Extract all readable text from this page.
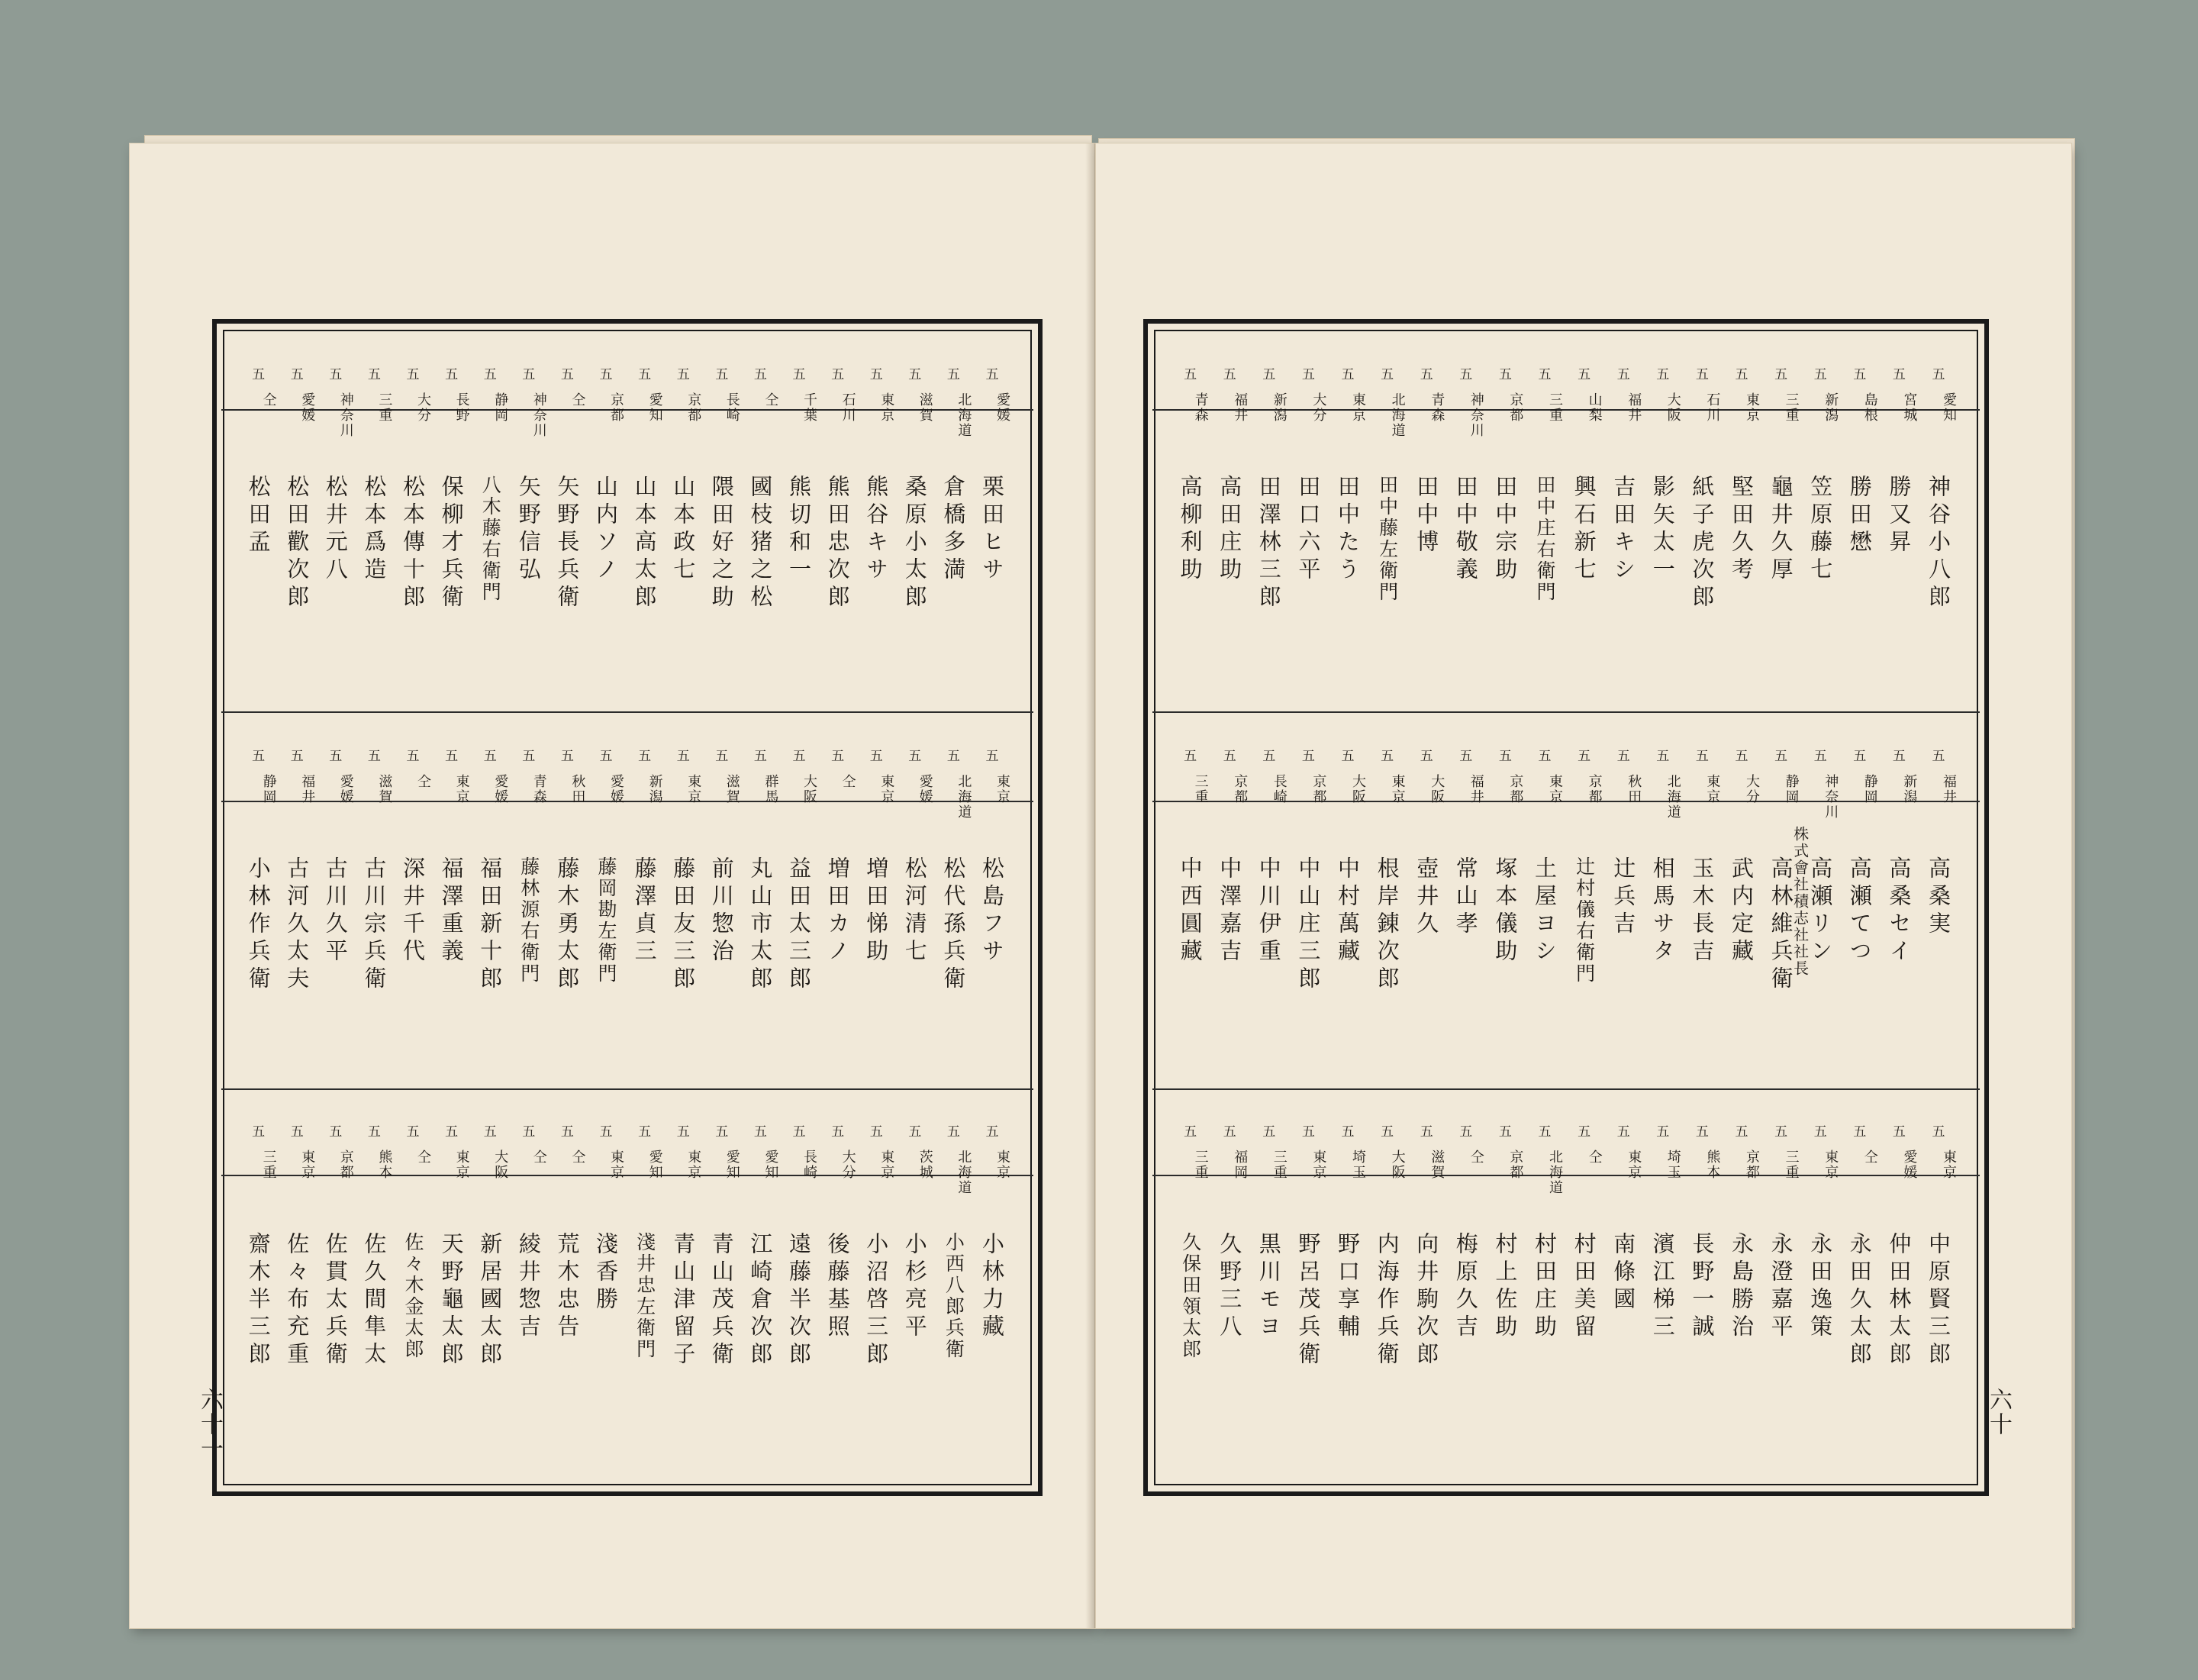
五
愛媛
栗田ヒサ
五
北海道
倉橋多満
五
滋賀
桑原小太郎
五
東京
熊谷キサ
五
石川
熊田忠次郎
五
千葉
熊切和一
五
仝
國枝猪之松
五
長崎
隈田好之助
五
京都
山本政七
五
愛知
山本高太郎
五
京都
山内ソノ
五
仝
矢野長兵衛
五
神奈川
矢野信弘
五
静岡
八木藤右衛門
五
長野
保柳才兵衛
五
大分
松本傳十郎
五
三重
松本爲造
五
神奈川
松井元八
五
愛媛
松田歡次郎
五
仝
松田孟
五
東京
松島フサ
五
北海道
松代孫兵衛
五
愛媛
松河清七
五
東京
増田悌助
五
仝
増田カノ
五
大阪
益田太三郎
五
群馬
丸山市太郎
五
滋賀
前川惣治
五
東京
藤田友三郎
五
新潟
藤澤貞三
五
愛媛
藤岡勘左衛門
五
秋田
藤木勇太郎
五
青森
藤林源右衛門
五
愛媛
福田新十郎
五
東京
福澤重義
五
仝
深井千代
五
滋賀
古川宗兵衛
五
愛媛
古川久平
五
福井
古河久太夫
五
静岡
小林作兵衛
五
東京
小林力藏
五
北海道
小西八郎兵衛
五
茨城
小杉亮平
五
東京
小沼啓三郎
五
大分
後藤基照
五
長崎
遠藤半次郎
五
愛知
江崎倉次郎
五
愛知
青山茂兵衛
五
東京
青山津留子
五
愛知
淺井忠左衛門
五
東京
淺香勝
五
仝
荒木忠告
五
仝
綾井惣吉
五
大阪
新居國太郎
五
東京
天野龜太郎
五
仝
佐々木金太郎
五
熊本
佐久間隼太
五
京都
佐貫太兵衛
五
東京
佐々布充重
五
三重
齋木半三郎
六十一
五
愛知
神谷小八郎
五
宮城
勝又昇
五
島根
勝田懋
五
新潟
笠原藤七
五
三重
龜井久厚
五
東京
堅田久考
五
石川
紙子虎次郎
五
大阪
影矢太一
五
福井
吉田キシ
五
山梨
興石新七
五
三重
田中庄右衛門
五
京都
田中宗助
五
神奈川
田中敬義
五
青森
田中博
五
北海道
田中藤左衛門
五
東京
田中たう
五
大分
田口六平
五
新潟
田澤林三郎
五
福井
高田庄助
五
青森
高柳利助
五
福井
高桑実
五
新潟
高桑セイ
五
静岡
高瀬てつ
五
神奈川
高瀬リン
五
静岡
高林維兵衛
株式會社積志社社長
五
大分
武内定藏
五
東京
玉木長吉
五
北海道
相馬サタ
五
秋田
辻兵吉
五
京都
辻村儀右衛門
五
東京
土屋ヨシ
五
京都
塚本儀助
五
福井
常山孝
五
大阪
壺井久
五
東京
根岸錬次郎
五
大阪
中村萬藏
五
京都
中山庄三郎
五
長崎
中川伊重
五
京都
中澤嘉吉
五
三重
中西圓藏
五
東京
中原賢三郎
五
愛媛
仲田林太郎
五
仝
永田久太郎
五
東京
永田逸策
五
三重
永澄嘉平
五
京都
永島勝治
五
熊本
長野一誠
五
埼玉
濱江梯三
五
東京
南條國
五
仝
村田美留
五
北海道
村田庄助
五
京都
村上佐助
五
仝
梅原久吉
五
滋賀
向井駒次郎
五
大阪
内海作兵衛
五
埼玉
野口享輔
五
東京
野呂茂兵衛
五
三重
黒川モヨ
五
福岡
久野三八
五
三重
久保田領太郎
六十
